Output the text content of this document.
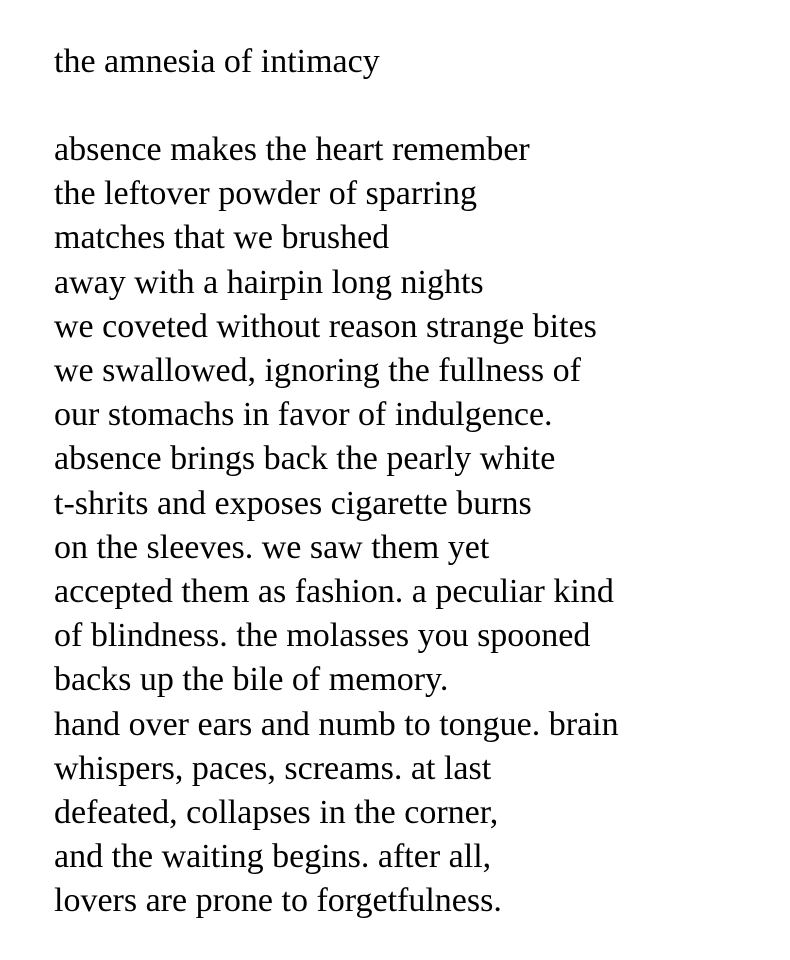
the amnesia of intimacy
absence makes the heart remember
the leftover powder of sparring
matches that we brushed
away with a hairpin long nights
we coveted without reason strange bites
we swallowed, ignoring the fullness of
our stomachs in favor of indulgence.
absence brings back the pearly white
t-shrits and exposes cigarette burns
on the sleeves. we saw them yet
accepted them as fashion. a peculiar kind
of blindness. the molasses you spooned
backs up the bile of memory.
hand over ears and numb to tongue. brain
whispers, paces, screams. at last
defeated, collapses in the corner,
and the waiting begins. after all,
lovers are prone to forgetfulness.
